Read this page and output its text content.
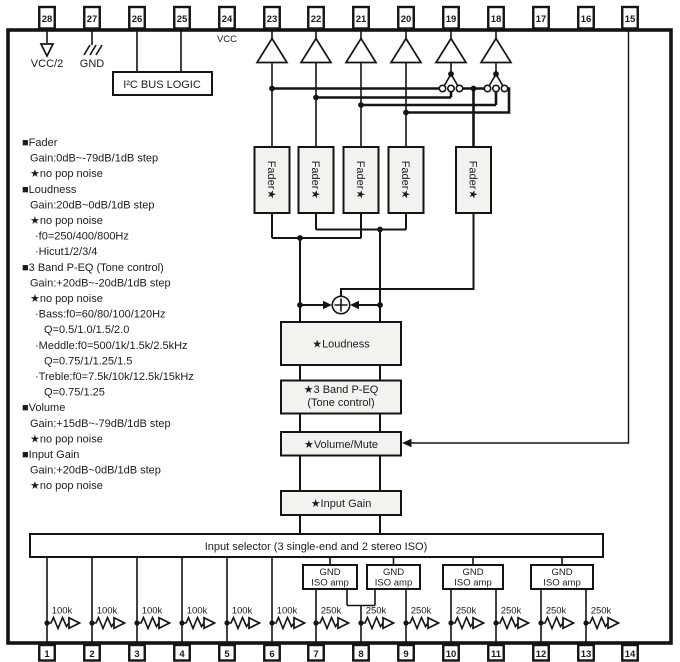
VCC/2 GND
I²C BUS LOGIC
VCC
★Loudness
★3 Band P-EQ
(Tone control)
★Volume/Mute
★Input Gain
Input selector (3 single-end and 2 stereo ISO)
Fader★	Fader★	Fader★	Fader★	Fader★
GND
ISO amp
GND
ISO amp
GND
ISO amp
GND
ISO amp
100k	100k	100k	100k	100k	100k 250k	250k	250k	250k	250k	250k	250k
28	27	26	25	24	23	22	21	20	19	18	17	16	15
1	2	3	4	5	6	7	8	9	10	11	12	13	14
■Fader
Gain:0dB~-79dB/1dB step
★no pop noise
■Loudness
Gain:20dB~0dB/1dB step
★no pop noise
·f0=250/400/800Hz
·Hicut1/2/3/4
■3 Band P-EQ (Tone control)
Gain:+20dB~-20dB/1dB step
★no pop noise
·Bass:f0=60/80/100/120Hz
Q=0.5/1.0/1.5/2.0
·Meddle:f0=500/1k/1.5k/2.5kHz
Q=0.75/1/1.25/1.5
·Treble:f0=7.5k/10k/12.5k/15kHz
Q=0.75/1.25
■Volume
Gain:+15dB~-79dB/1dB step
★no pop noise
■Input Gain
Gain:+20dB~0dB/1dB step
★no pop noise
